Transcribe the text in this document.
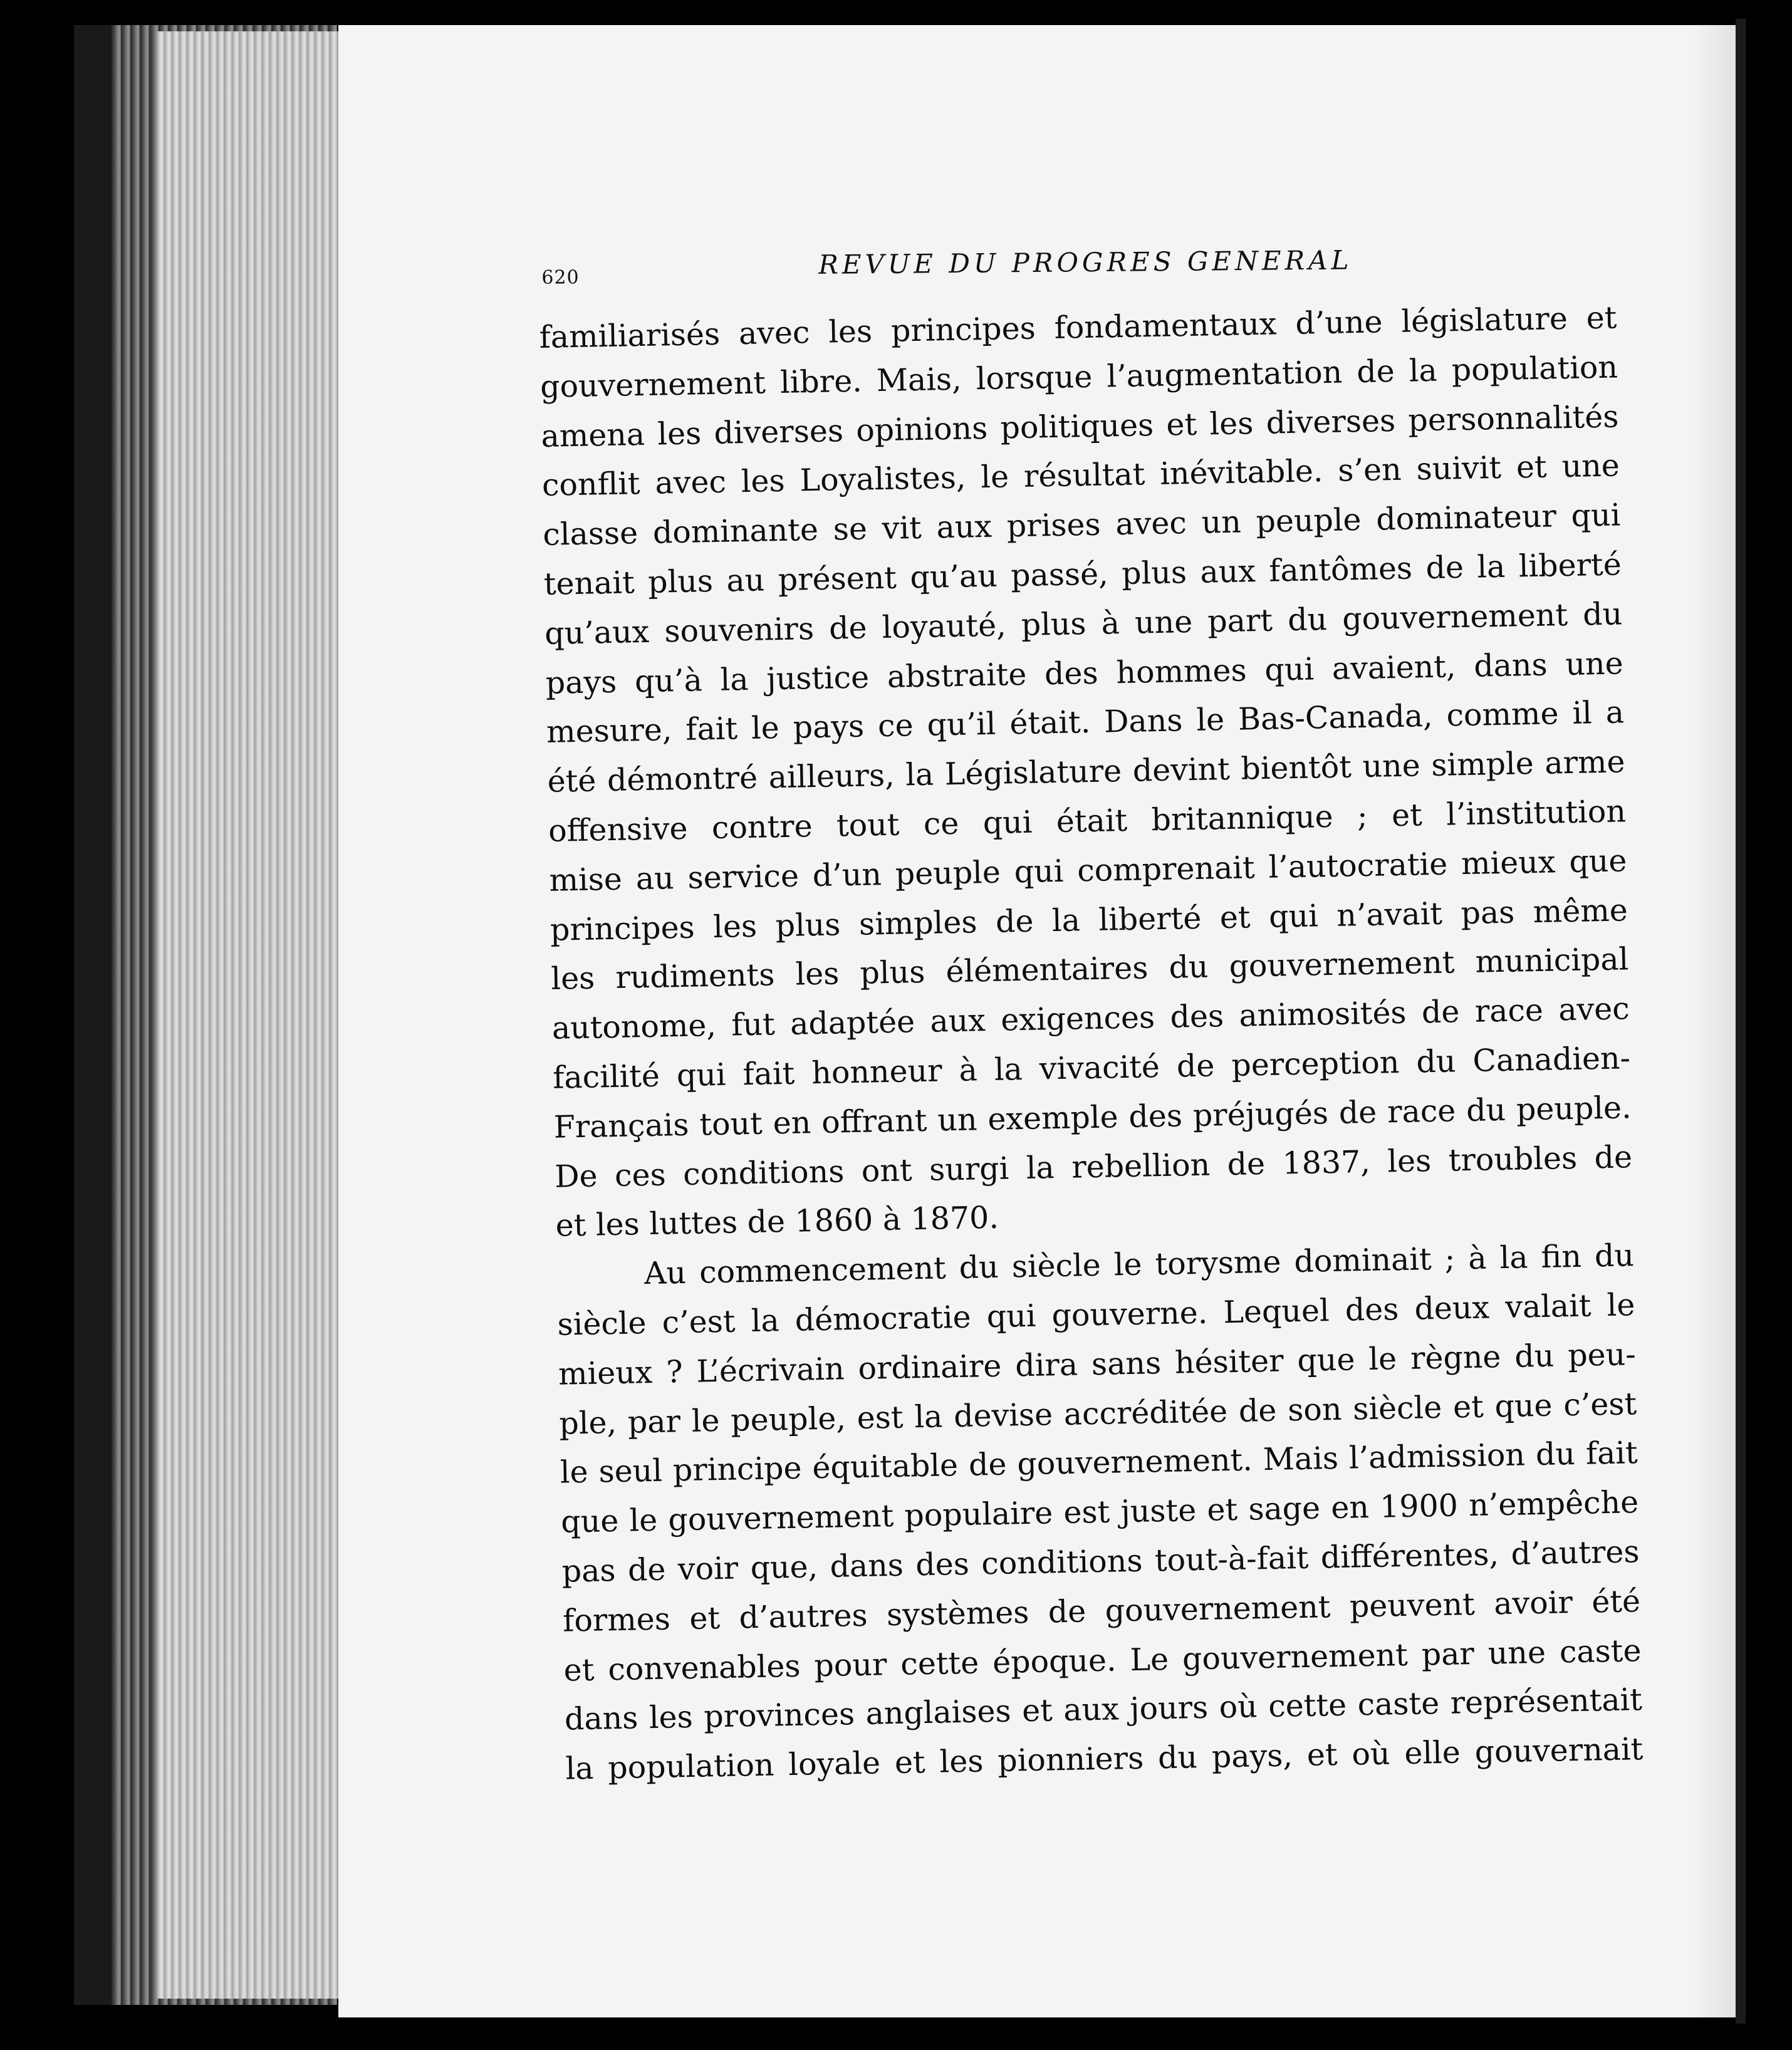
620	REVUE DU PROGRES GENERAL
familiarisés avec les principes fondamentaux d’une législature et
gouvernement libre. Mais, lorsque l’augmentation de la population
amena les diverses opinions politiques et les diverses personnalités
conflit avec les Loyalistes, le résultat inévitable. s’en suivit et une
classe dominante se vit aux prises avec un peuple dominateur qui
tenait plus au présent qu’au passé, plus aux fantômes de la liberté
qu’aux souvenirs de loyauté, plus à une part du gouvernement du
pays qu’à la justice abstraite des hommes qui avaient, dans une
mesure, fait le pays ce qu’il était. Dans le Bas-Canada, comme il a
été démontré ailleurs, la Législature devint bientôt une simple arme
offensive contre tout ce qui était britannique ; et l’institution
mise au service d’un peuple qui comprenait l’autocratie mieux que
principes les plus simples de la liberté et qui n’avait pas même
les rudiments les plus élémentaires du gouvernement municipal
autonome, fut adaptée aux exigences des animosités de race avec
facilité qui fait honneur à la vivacité de perception du Canadien-
Français tout en offrant un exemple des préjugés de race du peuple.
De ces conditions ont surgi la rebellion de 1837, les troubles de
et les luttes de 1860 à 1870.
Au commencement du siècle le torysme dominait ; à la fin du
siècle c’est la démocratie qui gouverne. Lequel des deux valait le
mieux ? L’écrivain ordinaire dira sans hésiter que le règne du peu-
ple, par le peuple, est la devise accréditée de son siècle et que c’est
le seul principe équitable de gouvernement. Mais l’admission du fait
que le gouvernement populaire est juste et sage en 1900 n’empêche
pas de voir que, dans des conditions tout-à-fait différentes, d’autres
formes et d’autres systèmes de gouvernement peuvent avoir été
et convenables pour cette époque. Le gouvernement par une caste
dans les provinces anglaises et aux jours où cette caste représentait
la population loyale et les pionniers du pays, et où elle gouvernait
